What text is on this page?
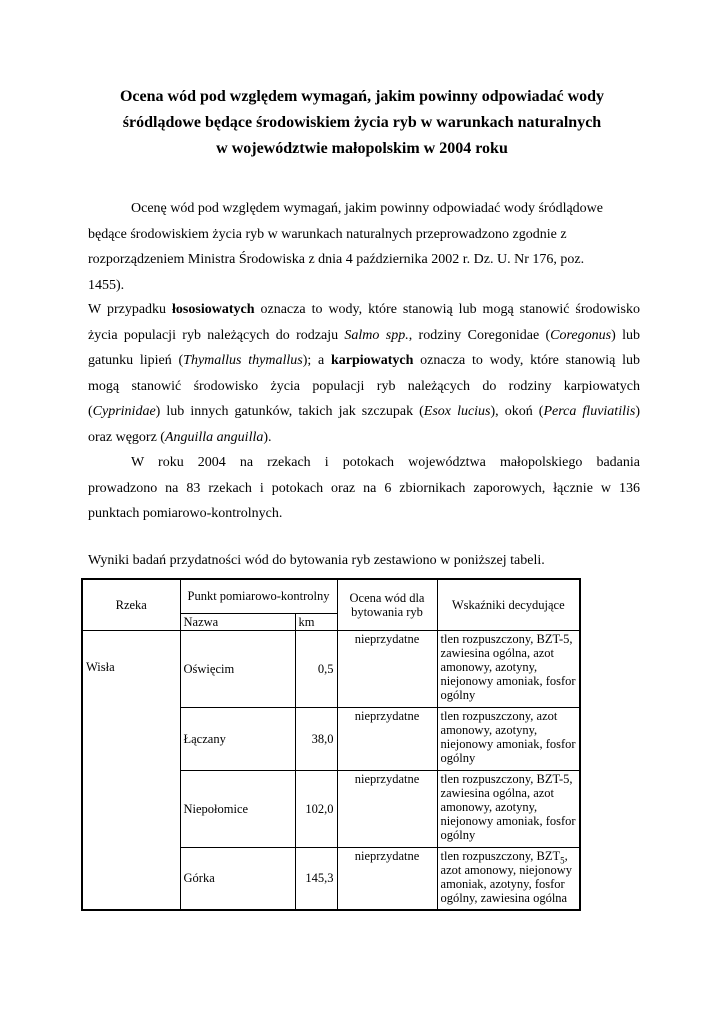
Ocena wód pod względem wymagań, jakim powinny odpowiadać wody
śródlądowe będące środowiskiem życia ryb w warunkach naturalnych
w województwie małopolskim w 2004 roku
Ocenę wód pod względem wymagań, jakim powinny odpowiadać wody śródlądowe
będące środowiskiem życia ryb w warunkach naturalnych przeprowadzono zgodnie z
rozporządzeniem Ministra Środowiska z dnia 4 października 2002 r. Dz. U. Nr 176, poz.
1455).
W przypadku łososiowatych oznacza to wody, które stanowią lub mogą stanowić środowisko
życia populacji ryb należących do rodzaju Salmo spp., rodziny Coregonidae (Coregonus) lub
gatunku lipień (Thymallus thymallus); a karpiowatych oznacza to wody, które stanowią lub
mogą stanowić środowisko życia populacji ryb należących do rodziny karpiowatych
(Cyprinidae) lub innych gatunków, takich jak szczupak (Esox lucius), okoń (Perca fluviatilis)
oraz węgorz (Anguilla anguilla).
W roku 2004 na rzekach i potokach województwa małopolskiego badania
prowadzono na 83 rzekach i potokach oraz na 6 zbiornikach zaporowych, łącznie w 136
punktach pomiarowo-kontrolnych.
Wyniki badań przydatności wód do bytowania ryb zestawiono w poniższej tabeli.
Rzeka	Punkt pomiarowo-kontrolny		Ocena wód dla bytowania ryb	Wskaźniki decydujące
	Nazwa	km		

Wisła	Oświęcim	0,5	nieprzydatne	tlen rozpuszczony, BZT-5, zawiesina ogólna, azot amonowy, azotyny, niejonowy amoniak, fosfor ogólny
	Łączany	38,0	nieprzydatne	tlen rozpuszczony, azot amonowy, azotyny, niejonowy amoniak, fosfor ogólny
	Niepołomice	102,0	nieprzydatne	tlen rozpuszczony, BZT-5, zawiesina ogólna, azot amonowy, azotyny, niejonowy amoniak, fosfor ogólny
	Górka	145,3	nieprzydatne	tlen rozpuszczony, $BZT_5$, azot amonowy, niejonowy amoniak, azotyny, fosfor ogólny, zawiesina ogólna
